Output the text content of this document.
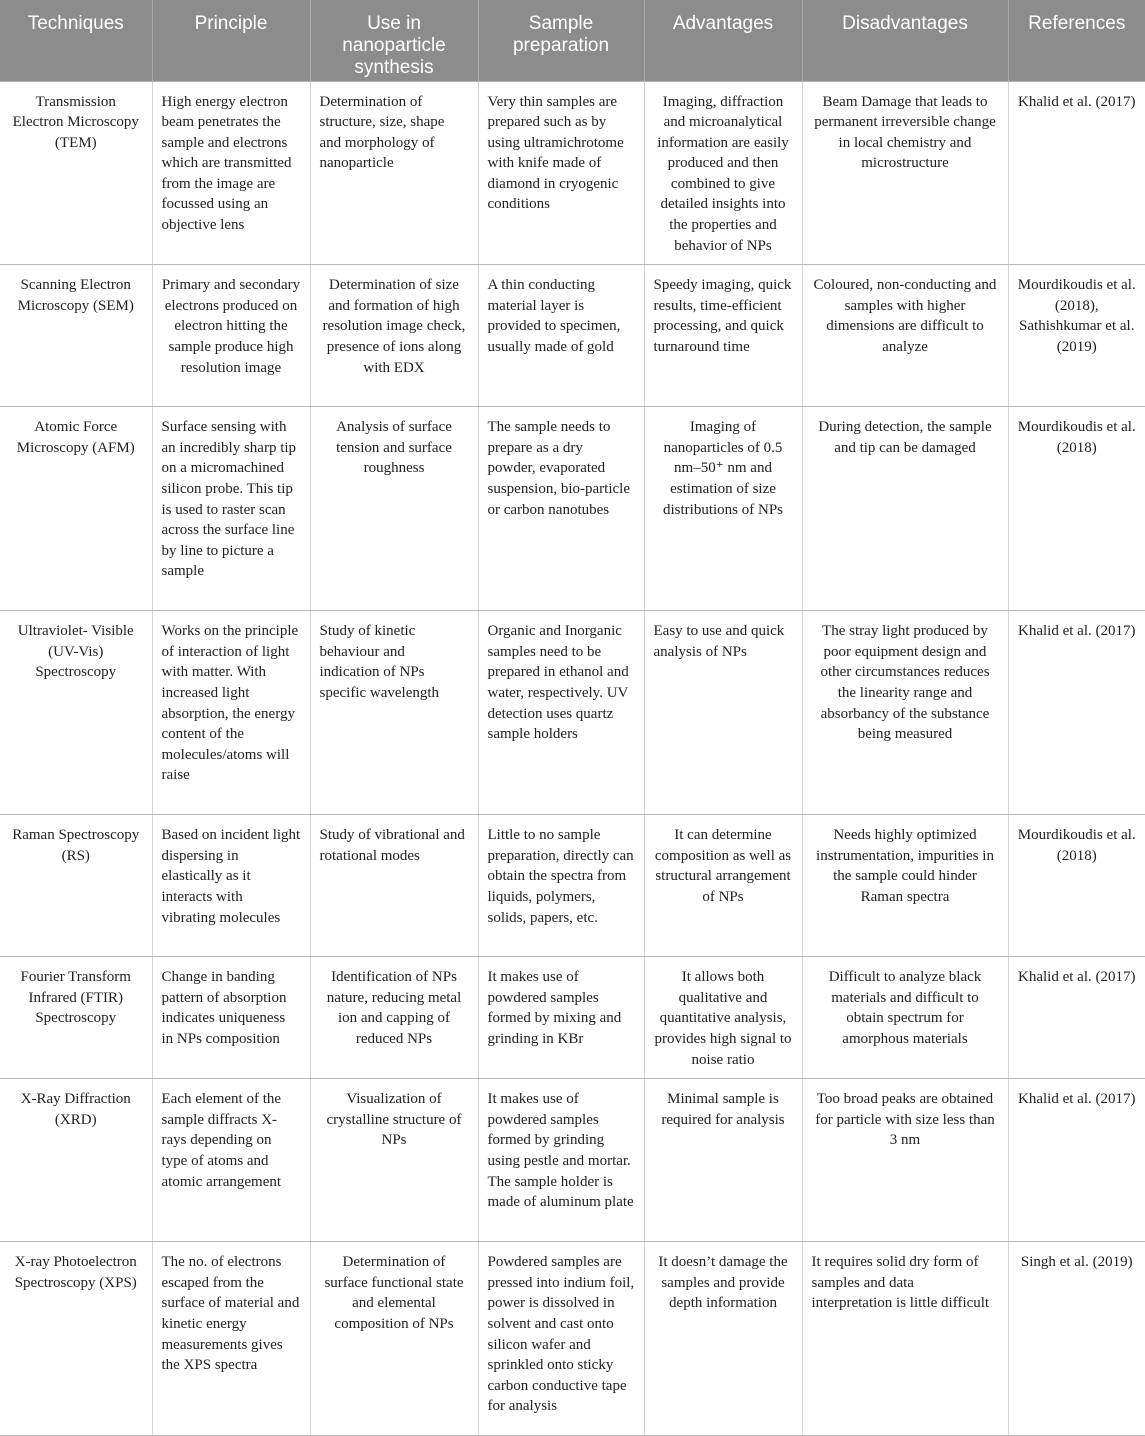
Techniques	Principle	Use in nanoparticle synthesis	Sample preparation	Advantages	Disadvantages	References
Transmission Electron Microscopy (TEM)	High energy electron beam penetrates the sample and electrons which are transmitted from the image are focussed using an objective lens	Determination of structure, size, shape and morphology of nanoparticle	Very thin samples are prepared such as by using ultramichrotome with knife made of diamond in cryogenic conditions	Imaging, diffraction and microanalytical information are easily produced and then combined to give detailed insights into the properties and behavior of NPs	Beam Damage that leads to permanent irreversible change in local chemistry and microstructure	Khalid et al. (2017)
Scanning Electron Microscopy (SEM)	Primary and secondary electrons produced on electron hitting the sample produce high resolution image	Determination of size and formation of high resolution image check, presence of ions along with EDX	A thin conducting material layer is provided to specimen, usually made of gold	Speedy imaging, quick results, time-efficient processing, and quick turnaround time	Coloured, non-conducting and samples with higher dimensions are difficult to analyze	Mourdikoudis et al. (2018), Sathishkumar et al. (2019)
Atomic Force Microscopy (AFM)	Surface sensing with an incredibly sharp tip on a micromachined silicon probe. This tip is used to raster scan across the surface line by line to picture a sample	Analysis of surface tension and surface roughness	The sample needs to prepare as a dry powder, evaporated suspension, bio-particle or carbon nanotubes	Imaging of nanoparticles of 0.5 nm–50⁺ nm and estimation of size distributions of NPs	During detection, the sample and tip can be damaged	Mourdikoudis et al. (2018)
Ultraviolet- Visible (UV-Vis) Spectroscopy	Works on the principle of interaction of light with matter. With increased light absorption, the energy content of the molecules/atoms will raise	Study of kinetic behaviour and indication of NPs specific wavelength	Organic and Inorganic samples need to be prepared in ethanol and water, respectively. UV detection uses quartz sample holders	Easy to use and quick analysis of NPs	The stray light produced by poor equipment design and other circumstances reduces the linearity range and absorbancy of the substance being measured	Khalid et al. (2017)
Raman Spectroscopy (RS)	Based on incident light dispersing in elastically as it interacts with vibrating molecules	Study of vibrational and rotational modes	Little to no sample preparation, directly can obtain the spectra from liquids, polymers, solids, papers, etc.	It can determine composition as well as structural arrangement of NPs	Needs highly optimized instrumentation, impurities in the sample could hinder Raman spectra	Mourdikoudis et al. (2018)
Fourier Transform Infrared (FTIR) Spectroscopy	Change in banding pattern of absorption indicates uniqueness in NPs composition	Identification of NPs nature, reducing metal ion and capping of reduced NPs	It makes use of powdered samples formed by mixing and grinding in KBr	It allows both qualitative and quantitative analysis, provides high signal to noise ratio	Difficult to analyze black materials and difficult to obtain spectrum for amorphous materials	Khalid et al. (2017)
X-Ray Diffraction (XRD)	Each element of the sample diffracts X-rays depending on type of atoms and atomic arrangement	Visualization of crystalline structure of NPs	It makes use of powdered samples formed by grinding using pestle and mortar. The sample holder is made of aluminum plate	Minimal sample is required for analysis	Too broad peaks are obtained for particle with size less than 3 nm	Khalid et al. (2017)
X-ray Photoelectron Spectroscopy (XPS)	The no. of electrons escaped from the surface of material and kinetic energy measurements gives the XPS spectra	Determination of surface functional state and elemental composition of NPs	Powdered samples are pressed into indium foil, power is dissolved in solvent and cast onto silicon wafer and sprinkled onto sticky carbon conductive tape for analysis	It doesn’t damage the samples and provide depth information	It requires solid dry form of samples and data interpretation is little difficult	Singh et al. (2019)
